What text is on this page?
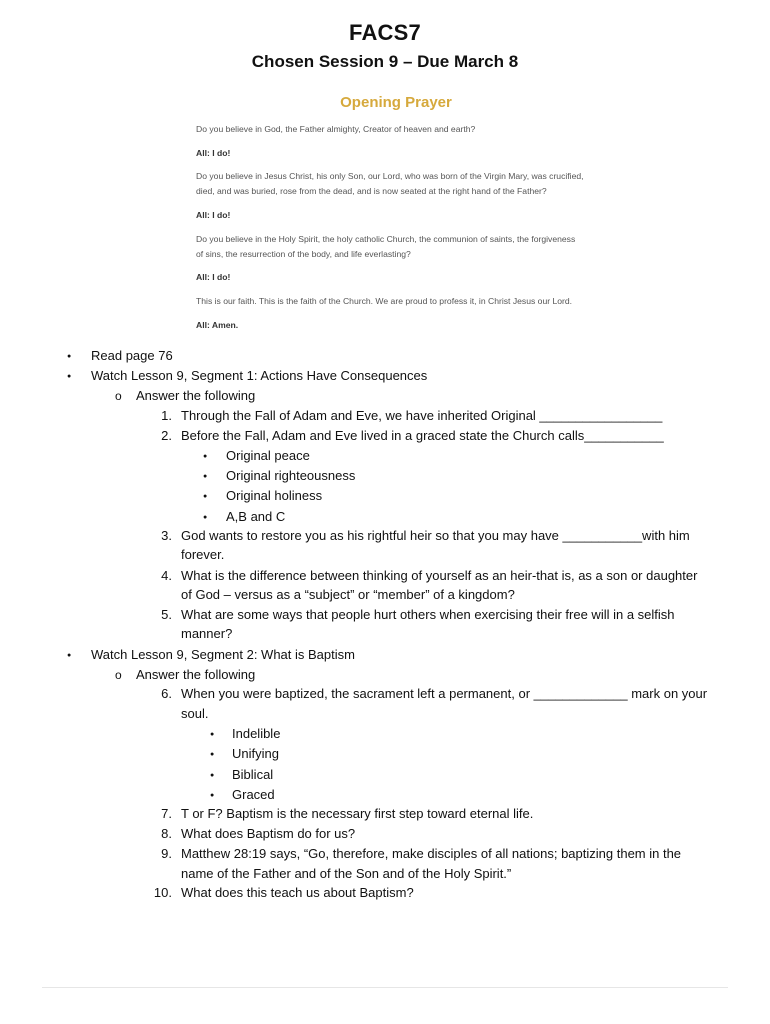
FACS7
Chosen Session 9 – Due March 8
Opening Prayer
Do you believe in God, the Father almighty, Creator of heaven and earth?
All: I do!
Do you believe in Jesus Christ, his only Son, our Lord, who was born of the Virgin Mary, was crucified,
died, and was buried, rose from the dead, and is now seated at the right hand of the Father?
All: I do!
Do you believe in the Holy Spirit, the holy catholic Church, the communion of saints, the forgiveness
of sins, the resurrection of the body, and life everlasting?
All: I do!
This is our faith. This is the faith of the Church. We are proud to profess it, in Christ Jesus our Lord.
All: Amen.
●
Read page 76
●
Watch Lesson 9, Segment 1: Actions Have Consequences
o
Answer the following
1. Through the Fall of Adam and Eve, we have inherited Original _________________
2. Before the Fall, Adam and Eve lived in a graced state the Church calls___________
●
Original peace
●
Original righteousness
●
Original holiness
●
A,B and C
3. God wants to restore you as his rightful heir so that you may have ___________with him
forever.
4. What is the difference between thinking of yourself as an heir-that is, as a son or daughter
of God – versus as a “subject” or “member” of a kingdom?
5. What are some ways that people hurt others when exercising their free will in a selfish
manner?
●
Watch Lesson 9, Segment 2: What is Baptism
o
Answer the following
6. When you were baptized, the sacrament left a permanent, or _____________ mark on your
soul.
●
Indelible
●
Unifying
●
Biblical
●
Graced
7. T or F? Baptism is the necessary first step toward eternal life.
8. What does Baptism do for us?
9. Matthew 28:19 says, “Go, therefore, make disciples of all nations; baptizing them in the
name of the Father and of the Son and of the Holy Spirit.”
10. What does this teach us about Baptism?
